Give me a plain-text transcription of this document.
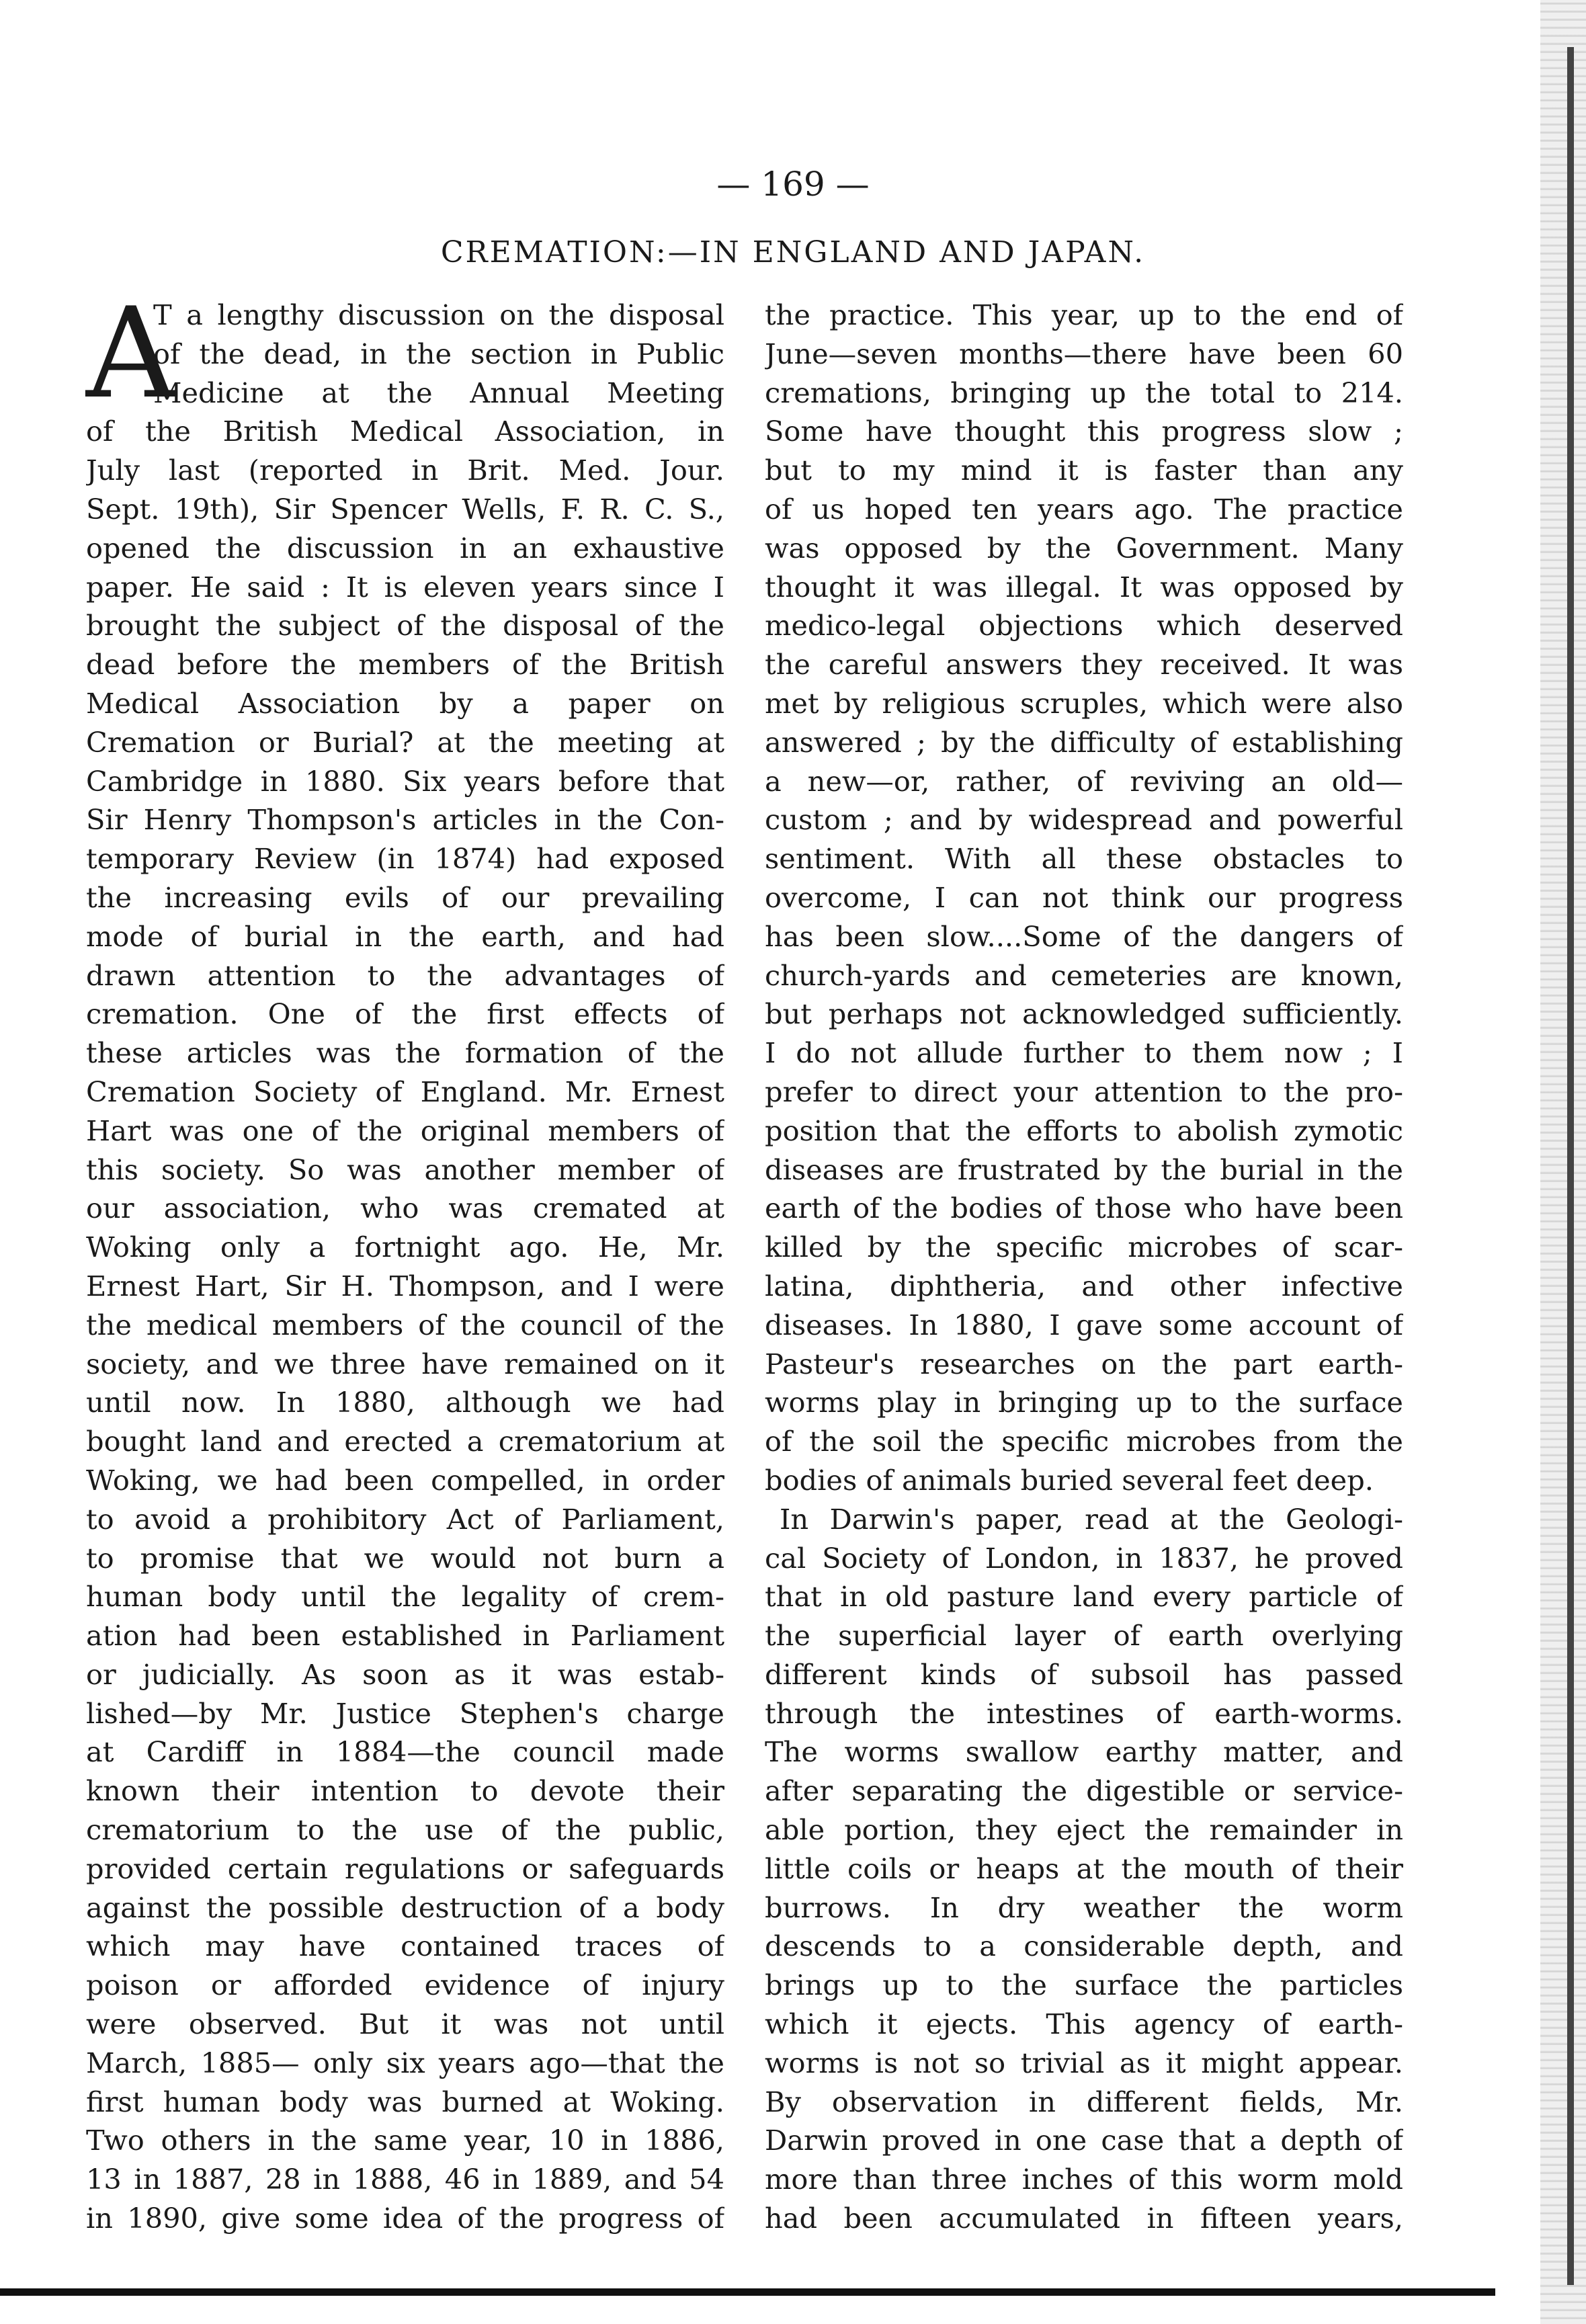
— 169 —
CREMATION:—IN ENGLAND AND JAPAN.
A
T a lengthy discussion on the disposal
of the dead, in the section in Public
Medicine at the Annual Meeting
of the British Medical Association, in
July last (reported in Brit. Med. Jour.
Sept. 19th), Sir Spencer Wells, F. R. C. S.,
opened the discussion in an exhaustive
paper. He said : It is eleven years since I
brought the subject of the disposal of the
dead before the members of the British
Medical Association by a paper on
Cremation or Burial? at the meeting at
Cambridge in 1880. Six years before that
Sir Henry Thompson's articles in the Con-
temporary Review (in 1874) had exposed
the increasing evils of our prevailing
mode of burial in the earth, and had
drawn attention to the advantages of
cremation. One of the first effects of
these articles was the formation of the
Cremation Society of England. Mr. Ernest
Hart was one of the original members of
this society. So was another member of
our association, who was cremated at
Woking only a fortnight ago. He, Mr.
Ernest Hart, Sir H. Thompson, and I were
the medical members of the council of the
society, and we three have remained on it
until now. In 1880, although we had
bought land and erected a crematorium at
Woking, we had been compelled, in order
to avoid a prohibitory Act of Parliament,
to promise that we would not burn a
human body until the legality of crem-
ation had been established in Parliament
or judicially. As soon as it was estab-
lished—by Mr. Justice Stephen's charge
at Cardiff in 1884—the council made
known their intention to devote their
crematorium to the use of the public,
provided certain regulations or safeguards
against the possible destruction of a body
which may have contained traces of
poison or afforded evidence of injury
were observed. But it was not until
March, 1885— only six years ago—that the
first human body was burned at Woking.
Two others in the same year, 10 in 1886,
13 in 1887, 28 in 1888, 46 in 1889, and 54
in 1890, give some idea of the progress of
the practice. This year, up to the end of
June—seven months—there have been 60
cremations, bringing up the total to 214.
Some have thought this progress slow ;
but to my mind it is faster than any
of us hoped ten years ago. The practice
was opposed by the Government. Many
thought it was illegal. It was opposed by
medico-legal objections which deserved
the careful answers they received. It was
met by religious scruples, which were also
answered ; by the difficulty of establishing
a new—or, rather, of reviving an old—
custom ; and by widespread and powerful
sentiment. With all these obstacles to
overcome, I can not think our progress
has been slow....Some of the dangers of
church-yards and cemeteries are known,
but perhaps not acknowledged sufficiently.
I do not allude further to them now ; I
prefer to direct your attention to the pro-
position that the efforts to abolish zymotic
diseases are frustrated by the burial in the
earth of the bodies of those who have been
killed by the specific microbes of scar-
latina, diphtheria, and other infective
diseases. In 1880, I gave some account of
Pasteur's researches on the part earth-
worms play in bringing up to the surface
of the soil the specific microbes from the
bodies of animals buried several feet deep.
In Darwin's paper, read at the Geologi-
cal Society of London, in 1837, he proved
that in old pasture land every particle of
the superficial layer of earth overlying
different kinds of subsoil has passed
through the intestines of earth-worms.
The worms swallow earthy matter, and
after separating the digestible or service-
able portion, they eject the remainder in
little coils or heaps at the mouth of their
burrows. In dry weather the worm
descends to a considerable depth, and
brings up to the surface the particles
which it ejects. This agency of earth-
worms is not so trivial as it might appear.
By observation in different fields, Mr.
Darwin proved in one case that a depth of
more than three inches of this worm mold
had been accumulated in fifteen years,
